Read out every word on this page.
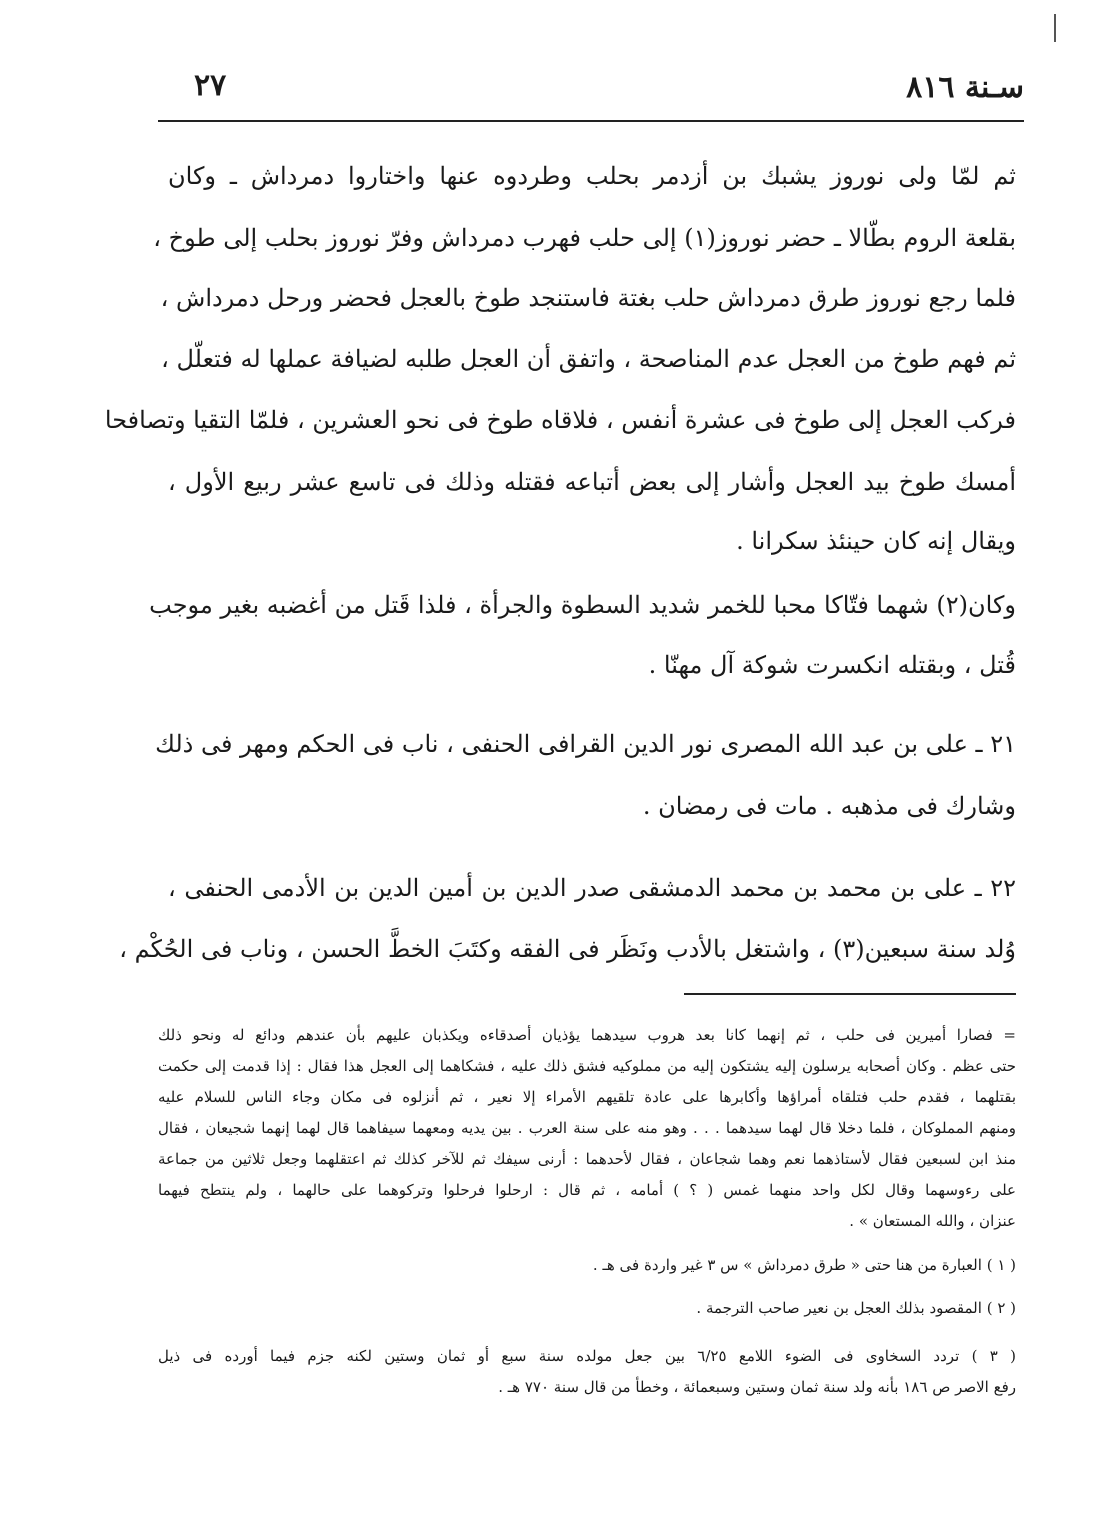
سـنة ٨١٦
٢٧
ثم لمّا ولى نوروز يشبك بن أزدمر بحلب وطردوه عنها واختاروا دمرداش ـ وكان
بقلعة الروم بطّالا ـ حضر نوروز(١) إلى حلب فهرب دمرداش وفرّ نوروز بحلب إلى طوخ ،
فلما رجع نوروز طرق دمرداش حلب بغتة فاستنجد طوخ بالعجل فحضر ورحل دمرداش ،
ثم فهم طوخ من العجل عدم المناصحة ، واتفق أن العجل طلبه لضيافة عملها له فتعلّل ،
فركب العجل إلى طوخ فى عشرة أنفس ، فلاقاه طوخ فى نحو العشرين ، فلمّا التقيا وتصافحا
أمسك طوخ بيد العجل وأشار إلى بعض أتباعه فقتله وذلك فى تاسع عشر ربيع الأول ،
ويقال إنه كان حينئذ سكرانا .
وكان(٢) شهما فتّاكا محبا للخمر شديد السطوة والجرأة ، فلذا قَتل من أغضبه بغير موجب
قُتل ، وبقتله انكسرت شوكة آل مهنّا .
٢١ ـ على بن عبد الله المصرى نور الدين القرافى الحنفى ، ناب فى الحكم ومهر فى ذلك
وشارك فى مذهبه . مات فى رمضان .
٢٢ ـ على بن محمد بن محمد الدمشقى صدر الدين بن أمين الدين بن الأدمى الحنفى ،
وُلد سنة سبعين(٣) ، واشتغل بالأدب ونَظَر فى الفقه وكتَبَ الخطَّ الحسن ، وناب فى الحُكْم ،
= فصارا أميرين فى حلب ، ثم إنهما كانا بعد هروب سيدهما يؤذيان أصدقاءه ويكذبان عليهم بأن عندهم ودائع له ونحو ذلك
حتى عظم . وكان أصحابه يرسلون إليه يشتكون إليه من مملوكيه فشق ذلك عليه ، فشكاهما إلى العجل هذا فقال : إذا قدمت إلى حكمت
بقتلهما ، فقدم حلب فتلقاه أمراؤها وأكابرها على عادة تلقيهم الأمراء إلا نعير ، ثم أنزلوه فى مكان وجاء الناس للسلام عليه
ومنهم المملوكان ، فلما دخلا قال لهما سيدهما . . . وهو منه على سنة العرب . بين يديه ومعهما سيفاهما قال لهما إنهما شجيعان ، فقال
منذ ابن لسبعين فقال لأستاذهما نعم وهما شجاعان ، فقال لأحدهما : أرنى سيفك ثم للآخر كذلك ثم اعتقلهما وجعل ثلاثين من جماعة
على رءوسهما وقال لكل واحد منهما غمس ( ؟ ) أمامه ، ثم قال : ارحلوا فرحلوا وتركوهما على حالهما ، ولم ينتطح فيهما
عنزان ، والله المستعان » .
( ١ ) العبارة من هنا حتى « طرق دمرداش » س ٣ غير واردة فى هـ .
( ٢ ) المقصود بذلك العجل بن نعير صاحب الترجمة .
( ٣ ) تردد السخاوى فى الضوء اللامع ٦/٢٥ بين جعل مولده سنة سبع أو ثمان وستين لكنه جزم فيما أورده فى ذيل
رفع الاصر ص ١٨٦ بأنه ولد سنة ثمان وستين وسبعمائة ، وخطأ من قال سنة ٧٧٠ هـ .
